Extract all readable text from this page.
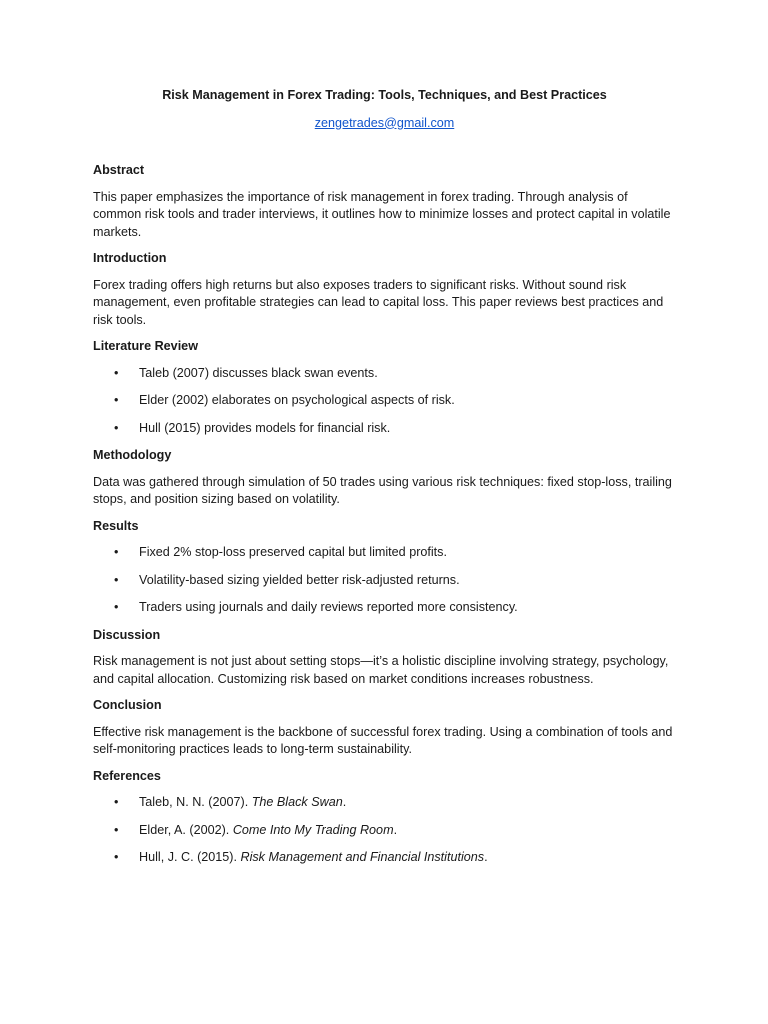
Risk Management in Forex Trading: Tools, Techniques, and Best Practices
zengetrades@gmail.com
Abstract

This paper emphasizes the importance of risk management in forex trading. Through analysis of common risk tools and trader interviews, it outlines how to minimize losses and protect capital in volatile markets.

Introduction

Forex trading offers high returns but also exposes traders to significant risks. Without sound risk management, even profitable strategies can lead to capital loss. This paper reviews best practices and risk tools.

Literature Review
• Taleb (2007) discusses black swan events.
• Elder (2002) elaborates on psychological aspects of risk.
• Hull (2015) provides models for financial risk.
Methodology

Data was gathered through simulation of 50 trades using various risk techniques: fixed stop-loss, trailing stops, and position sizing based on volatility.

Results
• Fixed 2% stop-loss preserved capital but limited profits.
• Volatility-based sizing yielded better risk-adjusted returns.
• Traders using journals and daily reviews reported more consistency.
Discussion

Risk management is not just about setting stops—it’s a holistic discipline involving strategy, psychology, and capital allocation. Customizing risk based on market conditions increases robustness.

Conclusion

Effective risk management is the backbone of successful forex trading. Using a combination of tools and self-monitoring practices leads to long-term sustainability.

References
• Taleb, N. N. (2007). The Black Swan.
• Elder, A. (2002). Come Into My Trading Room.
• Hull, J. C. (2015). Risk Management and Financial Institutions.
